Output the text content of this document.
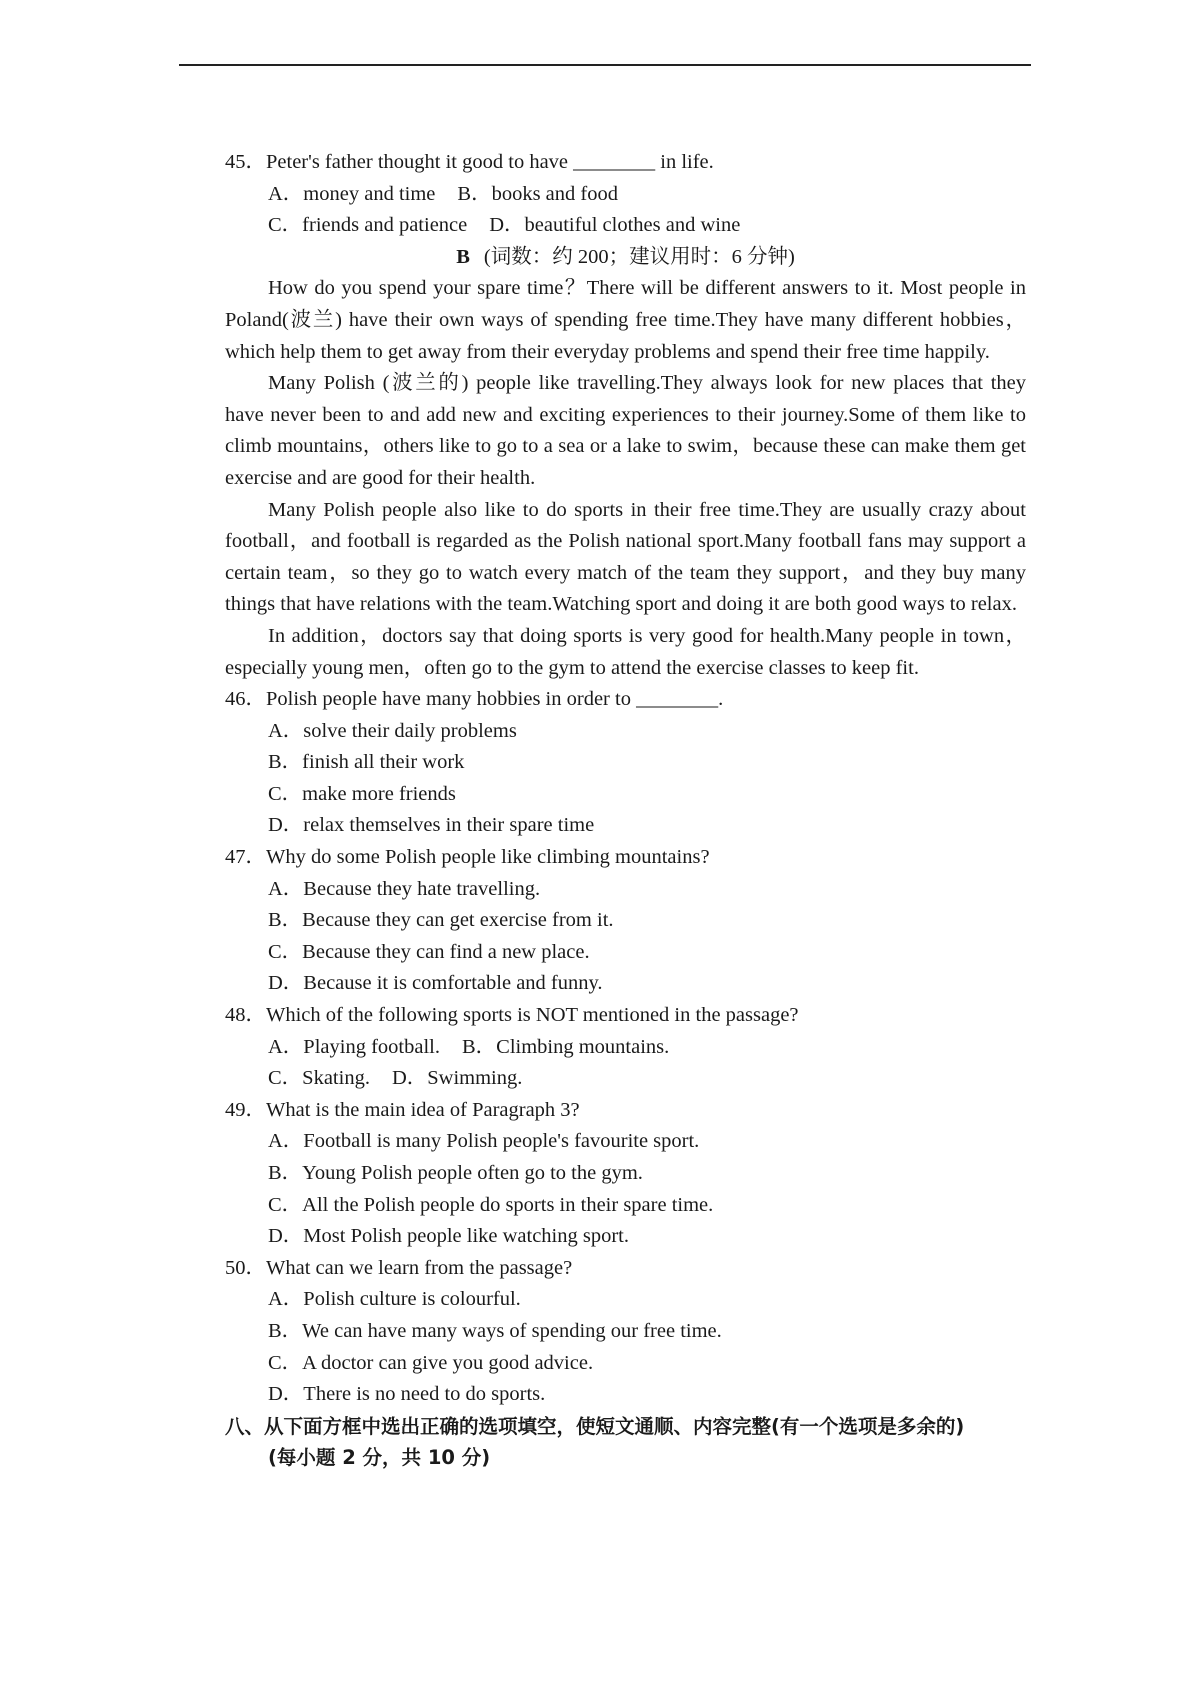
45．Peter's father thought it good to have ________ in life.
A．money and time B．books and food
C．friends and patience D．beautiful clothes and wine
B (词数：约 200；建议用时：6 分钟)

How do you spend your spare time？There will be different answers to it. Most people in Poland(波兰) have their own ways of spending free time.They have many different hobbies，which help them to get away from their everyday problems and spend their free time happily.

Many Polish (波兰的) people like travelling.They always look for new places that they have never been to and add new and exciting experiences to their journey.Some of them like to climb mountains，others like to go to a sea or a lake to swim，because these can make them get exercise and are good for their health.

Many Polish people also like to do sports in their free time.They are usually crazy about football，and football is regarded as the Polish national sport.Many football fans may support a certain team，so they go to watch every match of the team they support，and they buy many things that have relations with the team.Watching sport and doing it are both good ways to relax.

In addition，doctors say that doing sports is very good for health.Many people in town，especially young men，often go to the gym to attend the exercise classes to keep fit.

46．Polish people have many hobbies in order to ________.
A．solve their daily problems
B．finish all their work
C．make more friends
D．relax themselves in their spare time
47．Why do some Polish people like climbing mountains?
A．Because they hate travelling.
B．Because they can get exercise from it.
C．Because they can find a new place.
D．Because it is comfortable and funny.
48．Which of the following sports is NOT mentioned in the passage?
A．Playing football. B．Climbing mountains.
C．Skating. D．Swimming.
49．What is the main idea of Paragraph 3?
A．Football is many Polish people's favourite sport.
B．Young Polish people often go to the gym.
C．All the Polish people do sports in their spare time.
D．Most Polish people like watching sport.
50．What can we learn from the passage?
A．Polish culture is colourful.
B．We can have many ways of spending our free time.
C．A doctor can give you good advice.
D．There is no need to do sports.
八、从下面方框中选出正确的选项填空，使短文通顺、内容完整(有一个选项是多余的)
(每小题 2 分，共 10 分)
